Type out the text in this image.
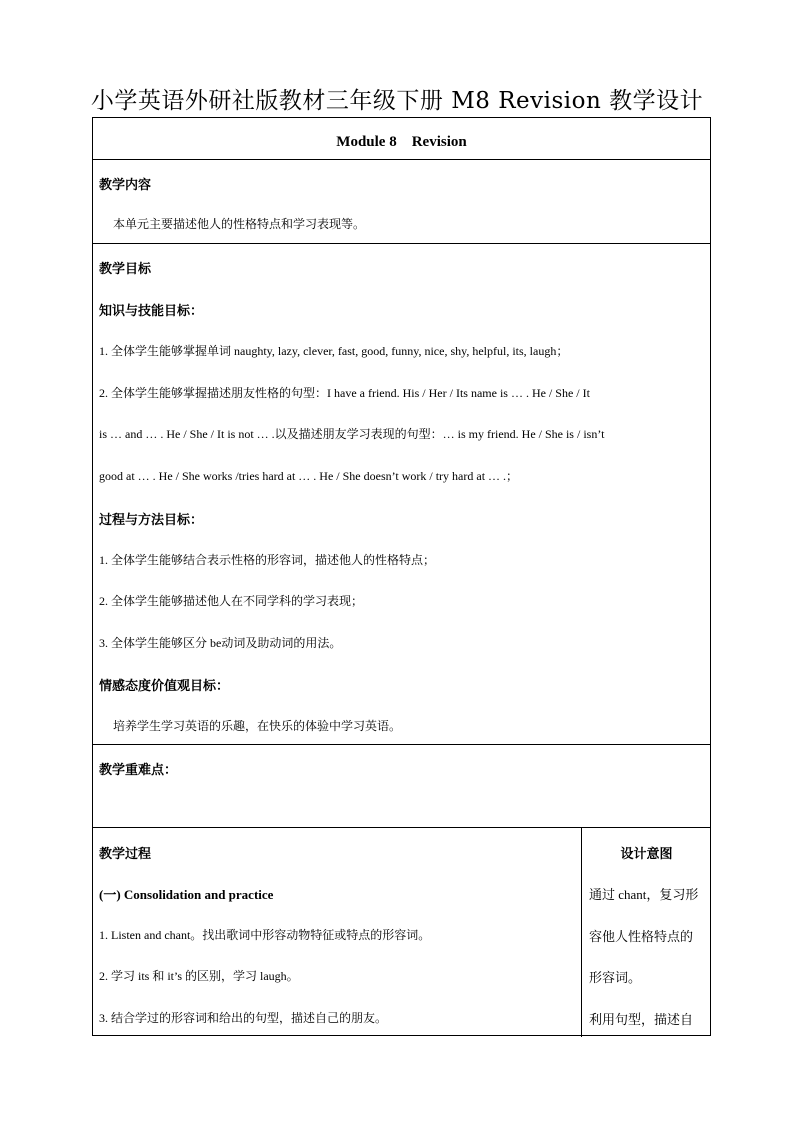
小学英语外研社版教材三年级下册 M8 Revision 教学设计
Module 8　Revision
教学内容
本单元主要描述他人的性格特点和学习表现等。
教学目标
知识与技能目标：
1. 全体学生能够掌握单词 naughty, lazy, clever, fast, good, funny, nice, shy, helpful, its, laugh；
2. 全体学生能够掌握描述朋友性格的句型：I have a friend. His / Her / Its name is … . He / She / It
is … and … . He / She / It is not … .以及描述朋友学习表现的句型：… is my friend. He / She is / isn’t
good at … . He / She works /tries hard at … . He / She doesn’t work / try hard at … .；
过程与方法目标：
1. 全体学生能够结合表示性格的形容词，描述他人的性格特点；
2. 全体学生能够描述他人在不同学科的学习表现；
3. 全体学生能够区分 be动词及助动词的用法。
情感态度价值观目标：
培养学生学习英语的乐趣，在快乐的体验中学习英语。
教学重难点：
教学过程	设计意图
(一) Consolidation and practice
1. Listen and chant。找出歌词中形容动物特征或特点的形容词。
2. 学习 its 和 it’s 的区别，学习 laugh。
3. 结合学过的形容词和给出的句型，描述自己的朋友。
通过 chant，复习形
容他人性格特点的
形容词。
利用句型，描述自
